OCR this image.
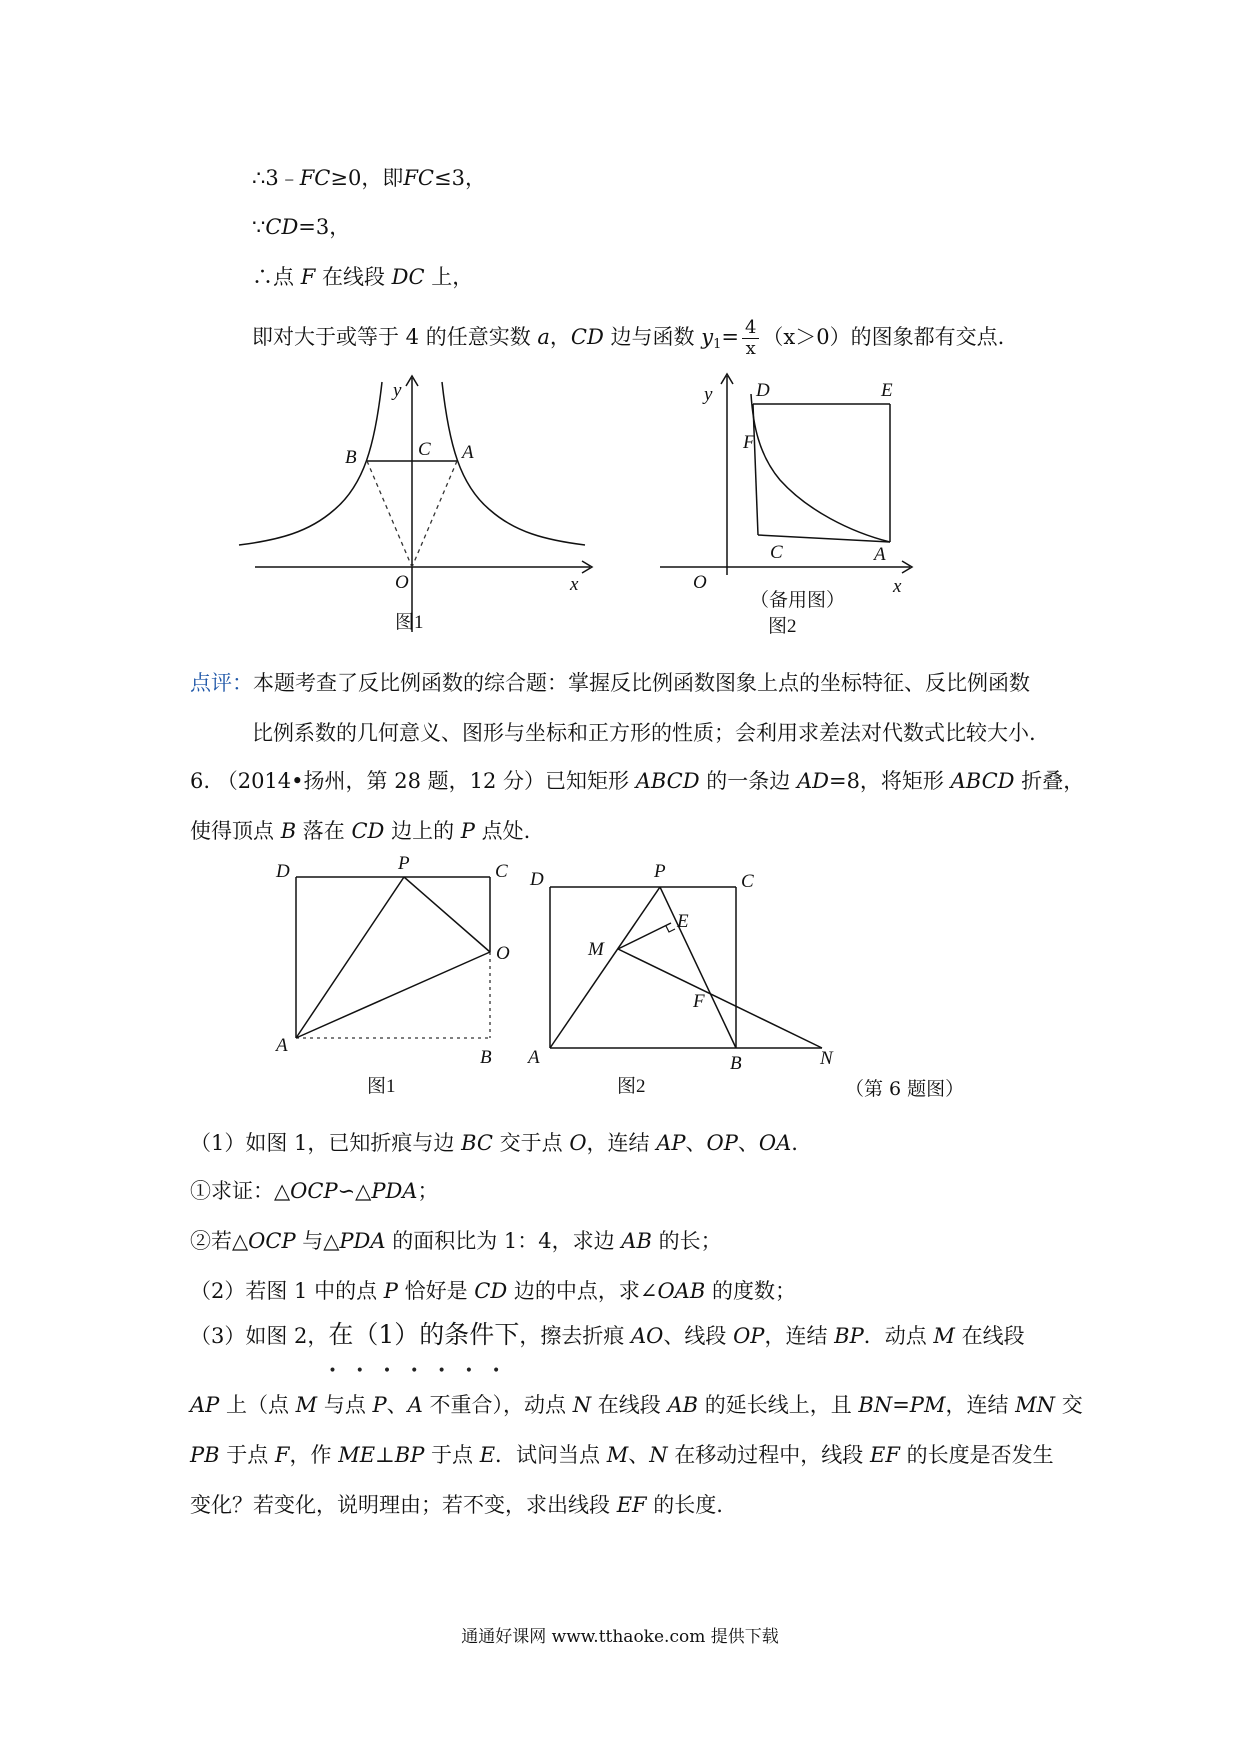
∴3﹣FC≥0，即FC≤3，
∵CD=3，
∴点 F 在线段 DC 上，
即对大于或等于 4 的任意实数 a，CD 边与函数 $y_1= \frac{4}{x} (x>0)$的图象都有交点.
y
x
O
A
B	C
图1
y
x
O
A
C
D	E
F
（备用图）
图2
点评：本题考查了反比例函数的综合题：掌握反比例函数图象上点的坐标特征、反比例函数
比例系数的几何意义、图形与坐标和正方形的性质；会利用求差法对代数式比较大小.
6. （2014•扬州，第 28 题，12 分）已知矩形 ABCD 的一条边 AD=8，将矩形 ABCD 折叠，
使得顶点 B 落在 CD 边上的 P 点处.
D	P	C
O
A
B
图1
D	P	C
E
M
F
A	B	N
图2	（第 6 题图）
（1）如图 1，已知折痕与边 BC 交于点 O，连结 AP、OP、OA.
①求证：△OCP∽△PDA；
②若△OCP 与△PDA 的面积比为 1：4，求边 AB 的长；
（2）若图 1 中的点 P 恰好是 CD 边的中点，求∠OAB 的度数；
（3）如图 2，在（1）的条件下
•••••••
，擦去折痕 AO、线段 OP，连结 BP．动点 M 在线段
AP 上（点 M 与点 P、A 不重合），动点 N 在线段 AB 的延长线上，且 BN=PM，连结 MN 交
PB 于点 F，作 ME⊥BP 于点 E．试问当点 M、N 在移动过程中，线段 EF 的长度是否发生
变化？若变化，说明理由；若不变，求出线段 EF 的长度.
通通好课网 www.tthaoke.com 提供下载
